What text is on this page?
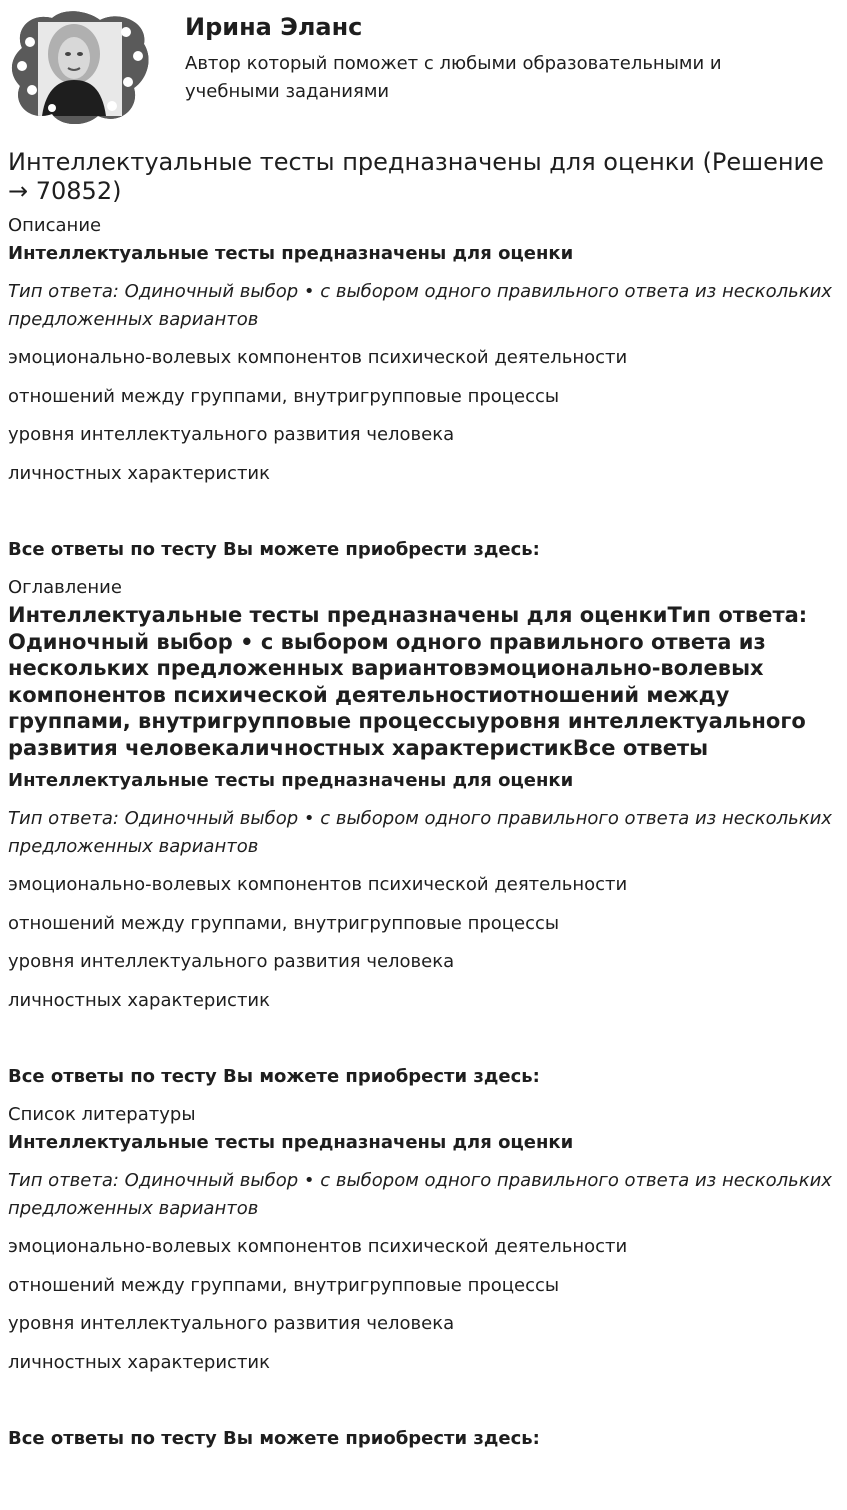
Ирина Эланс

Автор который поможет с любыми образовательными и учебными заданиями

Интеллектуальные тесты предназначены для оценки (Решение → 70852)

Описание

Интеллектуальные тесты предназначены для оценки

Тип ответа: Одиночный выбор • с выбором одного правильного ответа из нескольких предложенных вариантов

эмоционально-волевых компонентов психической деятельности

отношений между группами, внутригрупповые процессы

уровня интеллектуального развития человека

личностных характеристик

Все ответы по тесту Вы можете приобрести здесь:

Оглавление

Интеллектуальные тесты предназначены для оценкиТип ответа: Одиночный выбор • с выбором одного правильного ответа из нескольких предложенных вариантовэмоционально-волевых компонентов психической деятельностиотношений между группами, внутригрупповые процессыуровня интеллектуального развития человекаличностных характеристикВсе ответы

Интеллектуальные тесты предназначены для оценки

Тип ответа: Одиночный выбор • с выбором одного правильного ответа из нескольких предложенных вариантов

эмоционально-волевых компонентов психической деятельности

отношений между группами, внутригрупповые процессы

уровня интеллектуального развития человека

личностных характеристик

Все ответы по тесту Вы можете приобрести здесь:

Список литературы

Интеллектуальные тесты предназначены для оценки

Тип ответа: Одиночный выбор • с выбором одного правильного ответа из нескольких предложенных вариантов

эмоционально-волевых компонентов психической деятельности

отношений между группами, внутригрупповые процессы

уровня интеллектуального развития человека

личностных характеристик

Все ответы по тесту Вы можете приобрести здесь:
